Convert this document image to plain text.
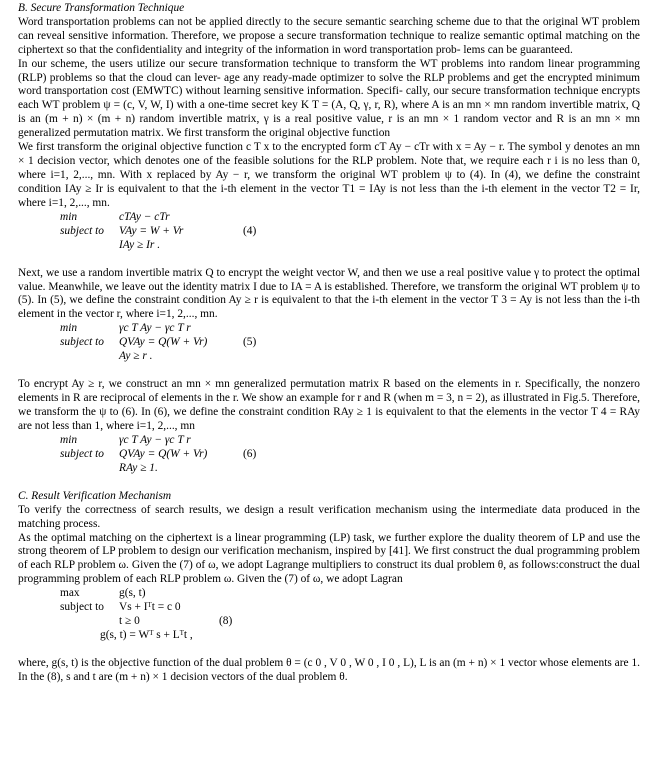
B. Secure Transformation Technique

Word transportation problems can not be applied directly to the secure semantic searching scheme due to that the original WT problem can reveal sensitive information. Therefore, we propose a secure transformation technique to realize semantic optimal matching on the ciphertext so that the confidentiality and integrity of the information in word transportation prob- lems can be guaranteed.

In our scheme, the users utilize our secure transformation technique to transform the WT problems into random linear programming (RLP) problems so that the cloud can lever- age any ready-made optimizer to solve the RLP problems and get the encrypted minimum word transportation cost (EMWTC) without learning sensitive information. Specifi- cally, our secure transformation technique encrypts each WT problem ψ = (c, V, W, I) with a one-time secret key K T = (A, Q, γ, r, R), where A is an mn × mn random invertible matrix, Q is an (m + n) × (m + n) random invertible matrix, γ is a real positive value, r is an mn × 1 random vector and R is an mn × mn generalized permutation matrix. We first transform the original objective function

We first transform the original objective function c T x to the encrypted form cT Ay − cTr with x = Ay − r. The symbol y denotes an mn × 1 decision vector, which denotes one of the feasible solutions for the RLP problem. Note that, we require each r i is no less than 0, where i=1, 2,..., mn. With x replaced by Ay − r, we transform the original WT problem ψ to (4). In (4), we define the constraint condition IAy ≥ Ir is equivalent to that the i-th element in the vector T1 = IAy is not less than the i-th element in the vector T2 = Ir, where i=1, 2,..., mn.

min	cTAy − cTr
subject to VAy = W + Vr	(4)
IAy ≥ Ir .

Next, we use a random invertible matrix Q to encrypt the weight vector W, and then we use a real positive value γ to protect the optimal value. Meanwhile, we leave out the identity matrix I due to IA = A is established. Therefore, we transform the original WT problem ψ to (5). In (5), we define the constraint condition Ay ≥ r is equivalent to that the i-th element in the vector T 3 = Ay is not less than the i-th element in the vector r, where i=1, 2,..., mn.

min	γc T Ay − γc T r
subject to QVAy = Q(W + Vr)	(5)
Ay ≥ r .

To encrypt Ay ≥ r, we construct an mn × mn generalized permutation matrix R based on the elements in r. Specifically, the nonzero elements in R are reciprocal of elements in the r. We show an example for r and R (when m = 3, n = 2), as illustrated in Fig.5. Therefore, we transform the ψ to (6). In (6), we define the constraint condition RAy ≥ 1 is equivalent to that the elements in the vector T 4 = RAy are not less than 1, where i=1, 2,..., mn

min	γc T Ay − γc T r
subject to QVAy = Q(W + Vr)	(6)
RAy ≥ 1.
C. Result Verification Mechanism

To verify the correctness of search results, we design a result verification mechanism using the intermediate data produced in the matching process.

As the optimal matching on the ciphertext is a linear programming (LP) task, we further explore the duality theorem of LP and use the strong theorem of LP problem to design our verification mechanism, inspired by [41]. We first construct the dual programming problem of each RLP problem ω. Given the (7) of ω, we adopt Lagrange multipliers to construct its dual problem θ, as follows:construct the dual programming problem of each RLP problem ω. Given the (7) of ω, we adopt Lagran

max	g(s, t)
subject to Vs + Iᵀt = c 0
t ≥ 0	(8)
g(s, t) = Wᵀ s + Lᵀt ,

where, g(s, t) is the objective function of the dual problem θ = (c 0 , V 0 , W 0 , I 0 , L), L is an (m + n) × 1 vector whose elements are 1. In the (8), s and t are (m + n) × 1 decision vectors of the dual problem θ.
